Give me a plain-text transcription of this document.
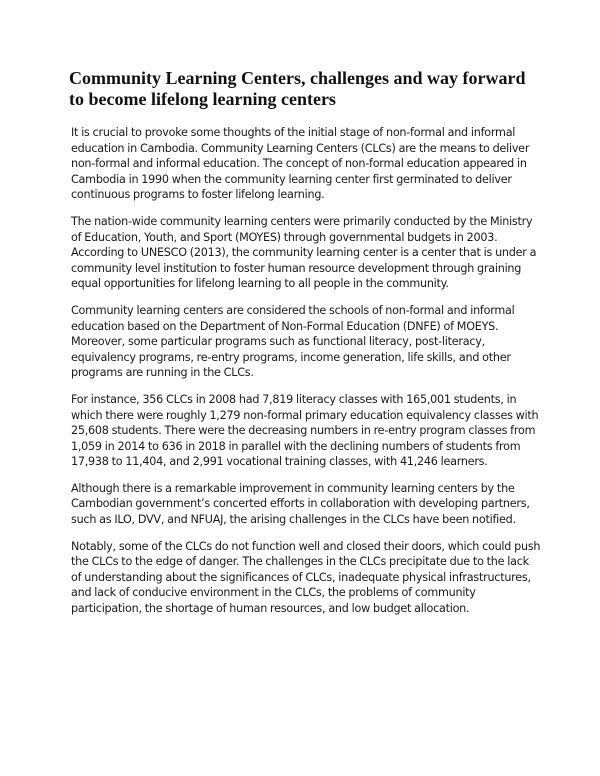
Community Learning Centers, challenges and way forward to become lifelong learning centers

It is crucial to provoke some thoughts of the initial stage of non-formal and informal education in Cambodia. Community Learning Centers (CLCs) are the means to deliver non-formal and informal education. The concept of non-formal education appeared in Cambodia in 1990 when the community learning center first germinated to deliver continuous programs to foster lifelong learning.

The nation-wide community learning centers were primarily conducted by the Ministry of Education, Youth, and Sport (MOYES) through governmental budgets in 2003. According to UNESCO (2013), the community learning center is a center that is under a community level institution to foster human resource development through graining equal opportunities for lifelong learning to all people in the community.

Community learning centers are considered the schools of non-formal and informal education based on the Department of Non-Formal Education (DNFE) of MOEYS. Moreover, some particular programs such as functional literacy, post-literacy, equivalency programs, re-entry programs, income generation, life skills, and other programs are running in the CLCs.

For instance, 356 CLCs in 2008 had 7,819 literacy classes with 165,001 students, in which there were roughly 1,279 non-formal primary education equivalency classes with 25,608 students. There were the decreasing numbers in re-entry program classes from 1,059 in 2014 to 636 in 2018 in parallel with the declining numbers of students from 17,938 to 11,404, and 2,991 vocational training classes, with 41,246 learners.

Although there is a remarkable improvement in community learning centers by the Cambodian government’s concerted efforts in collaboration with developing partners, such as ILO, DVV, and NFUAJ, the arising challenges in the CLCs have been notified.

Notably, some of the CLCs do not function well and closed their doors, which could push the CLCs to the edge of danger. The challenges in the CLCs precipitate due to the lack of understanding about the significances of CLCs, inadequate physical infrastructures, and lack of conducive environment in the CLCs, the problems of community participation, the shortage of human resources, and low budget allocation.
